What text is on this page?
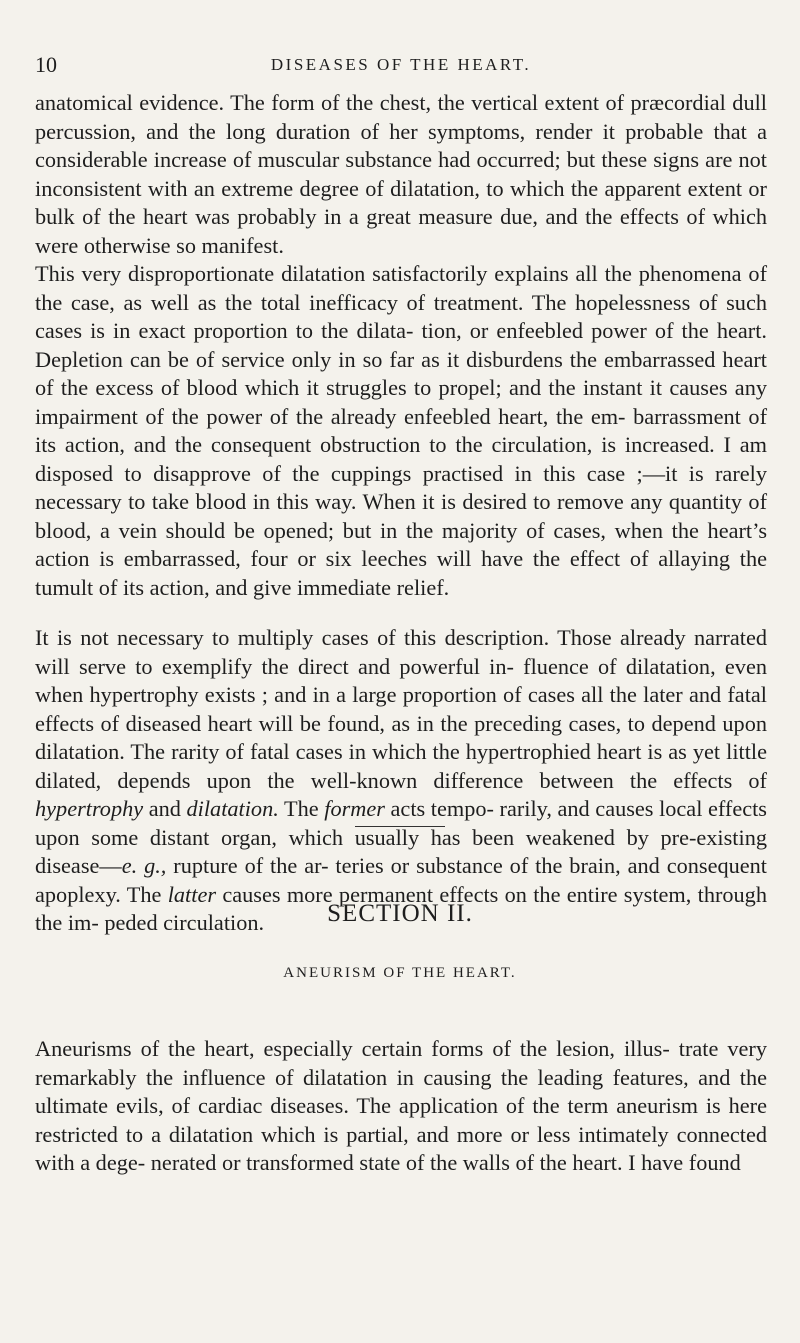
10	DISEASES OF THE HEART.

anatomical evidence. The form of the chest, the vertical extent of præcordial dull percussion, and the long duration of her symptoms, render it probable that a considerable increase of muscular substance had occurred; but these signs are not inconsistent with an extreme degree of dilatation, to which the apparent extent or bulk of the heart was probably in a great measure due, and the effects of which were otherwise so manifest.

This very disproportionate dilatation satisfactorily explains all the phenomena of the case, as well as the total inefficacy of treatment. The hopelessness of such cases is in exact proportion to the dilata- tion, or enfeebled power of the heart. Depletion can be of service only in so far as it disburdens the embarrassed heart of the excess of blood which it struggles to propel; and the instant it causes any impairment of the power of the already enfeebled heart, the em- barrassment of its action, and the consequent obstruction to the circulation, is increased. I am disposed to disapprove of the cuppings practised in this case ;—it is rarely necessary to take blood in this way. When it is desired to remove any quantity of blood, a vein should be opened; but in the majority of cases, when the heart’s action is embarrassed, four or six leeches will have the effect of allaying the tumult of its action, and give immediate relief.

It is not necessary to multiply cases of this description. Those already narrated will serve to exemplify the direct and powerful in- fluence of dilatation, even when hypertrophy exists ; and in a large proportion of cases all the later and fatal effects of diseased heart will be found, as in the preceding cases, to depend upon dilatation. The rarity of fatal cases in which the hypertrophied heart is as yet little dilated, depends upon the well-known difference between the effects of hypertrophy and dilatation. The former acts tempo- rarily, and causes local effects upon some distant organ, which usually has been weakened by pre-existing disease—e. g., rupture of the ar- teries or substance of the brain, and consequent apoplexy. The latter causes more permanent effects on the entire system, through the im- peded circulation.	SECTION II.
ANEURISM OF THE HEART.

Aneurisms of the heart, especially certain forms of the lesion, illus- trate very remarkably the influence of dilatation in causing the leading features, and the ultimate evils, of cardiac diseases. The application of the term aneurism is here restricted to a dilatation which is partial, and more or less intimately connected with a dege- nerated or transformed state of the walls of the heart. I have found
